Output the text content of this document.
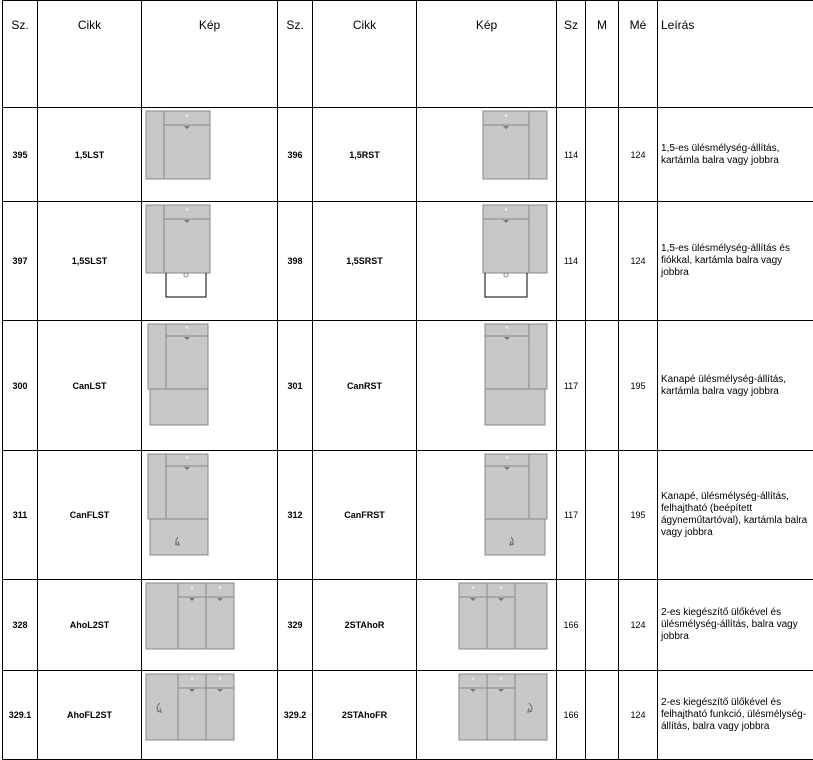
Sz.	Cikk	Kép	Sz.	Cikk	Kép	Sz	M	Mé	Leírás

395	1,5LST	*	396	1,5RST	*	114		124	1,5-es ülésmélység-állítás, kartámla balra vagy jobbra
397	1,5SLST	*	398	1,5SRST	*	114		124	1,5-es ülésmélység-állítás és fiókkal, kartámla balra vagy jobbra
300	CanLST	*	301	CanRST	*	117		195	Kanapé ülésmélység-állítás, kartámla balra vagy jobbra
311	CanFLST	*	312	CanFRST	*	117		195	Kanapé, ülésmélység-állítás, felhajtható (beépített ágyneműtartóval), kartámla balra vagy jobbra
328	AhoL2ST	* *	329	2STAhoR	* *	166		124	2-es kiegészítő ülőkével és ülésmélység-állítás, balra vagy jobbra
329.1	AhoFL2ST	* *	329.2	2STAhoFR	* *	166		124	2-es kiegészítő ülőkével és felhajtható funkció, ülésmélység-állítás, balra vagy jobbra
